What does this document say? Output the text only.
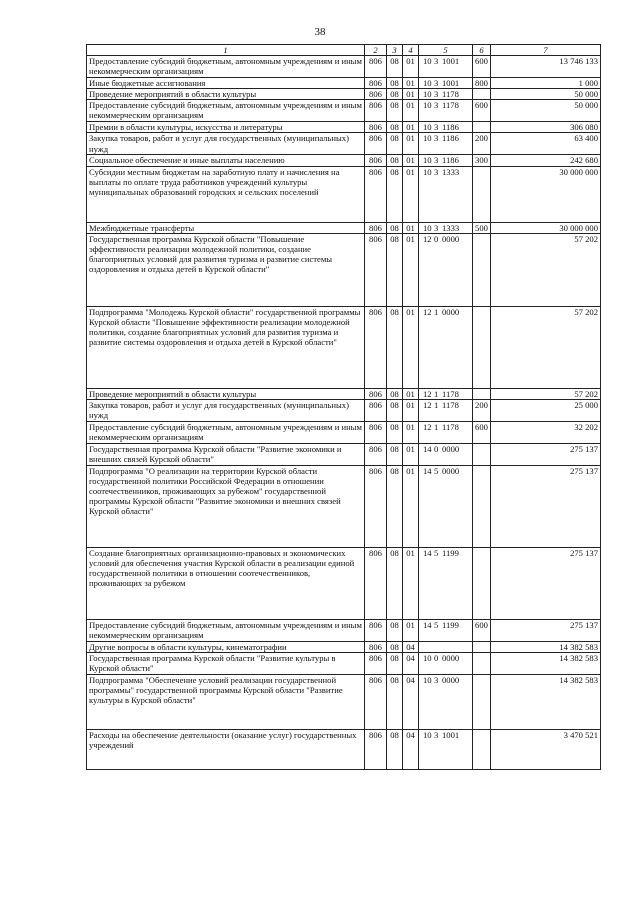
38
1	2	3	4	5	6	7
Предоставление субсидий бюджетным, автономным учреждениям и иным некоммерческим организациям	806	08	01	10 3 1001	600	13 746 133
Иные бюджетные ассигнования	806	08	01	10 3 1001	800	1 000
Проведение мероприятий в области культуры	806	08	01	10 3 1178		50 000
Предоставление субсидий бюджетным, автономным учреждениям и иным некоммерческим организациям	806	08	01	10 3 1178	600	50 000
Премии в области культуры, искусства и литературы	806	08	01	10 3 1186		306 080
Закупка товаров, работ и услуг для государственных (муниципальных) нужд	806	08	01	10 3 1186	200	63 400
Социальное обеспечение и иные выплаты населению	806	08	01	10 3 1186	300	242 680
Субсидии местным бюджетам на заработную плату и начисления на выплаты по оплате труда работников учреждений культуры муниципальных образований городских и сельских поселений	806	08	01	10 3 1333		30 000 000
Межбюджетные трансферты	806	08	01	10 3 1333	500	30 000 000
Государственная программа Курской области "Повышение эффективности реализации молодежной политики, создание благоприятных условий для развития туризма и развитие системы оздоровления и отдыха детей в Курской области"	806	08	01	12 0 0000		57 202
Подпрограмма "Молодежь Курской области" государственной программы Курской области "Повышение эффективности реализации молодежной политики, создание благоприятных условий для развития туризма и развитие системы оздоровления и отдыха детей в Курской области"	806	08	01	12 1 0000		57 202
Проведение мероприятий в области культуры	806	08	01	12 1 1178		57 202
Закупка товаров, работ и услуг для государственных (муниципальных) нужд	806	08	01	12 1 1178	200	25 000
Предоставление субсидий бюджетным, автономным учреждениям и иным некоммерческим организациям	806	08	01	12 1 1178	600	32 202
Государственная программа Курской области "Развитие экономики и внешних связей Курской области"	806	08	01	14 0 0000		275 137
Подпрограмма "О реализации на территории Курской области государственной политики Российской Федерации в отношении соотечественников, проживающих за рубежом" государственной программы Курской области "Развитие экономики и внешних связей Курской области"	806	08	01	14 5 0000		275 137
Создание благоприятных организационно-правовых и экономических условий для обеспечения участия Курской области в реализации единой государственной политики в отношении соотечественников, проживающих за рубежом	806	08	01	14 5 1199		275 137
Предоставление субсидий бюджетным, автономным учреждениям и иным некоммерческим организациям	806	08	01	14 5 1199	600	275 137
Другие вопросы в области культуры, кинематографии	806	08	04			14 382 583
Государственная программа Курской области "Развитие культуры в Курской области"	806	08	04	10 0 0000		14 382 583
Подпрограмма "Обеспечение условий реализации государственной программы" государственной программы Курской области "Развитие культуры в Курской области"	806	08	04	10 3 0000		14 382 583
Расходы на обеспечение деятельности (оказание услуг) государственных учреждений	806	08	04	10 3 1001		3 470 521
